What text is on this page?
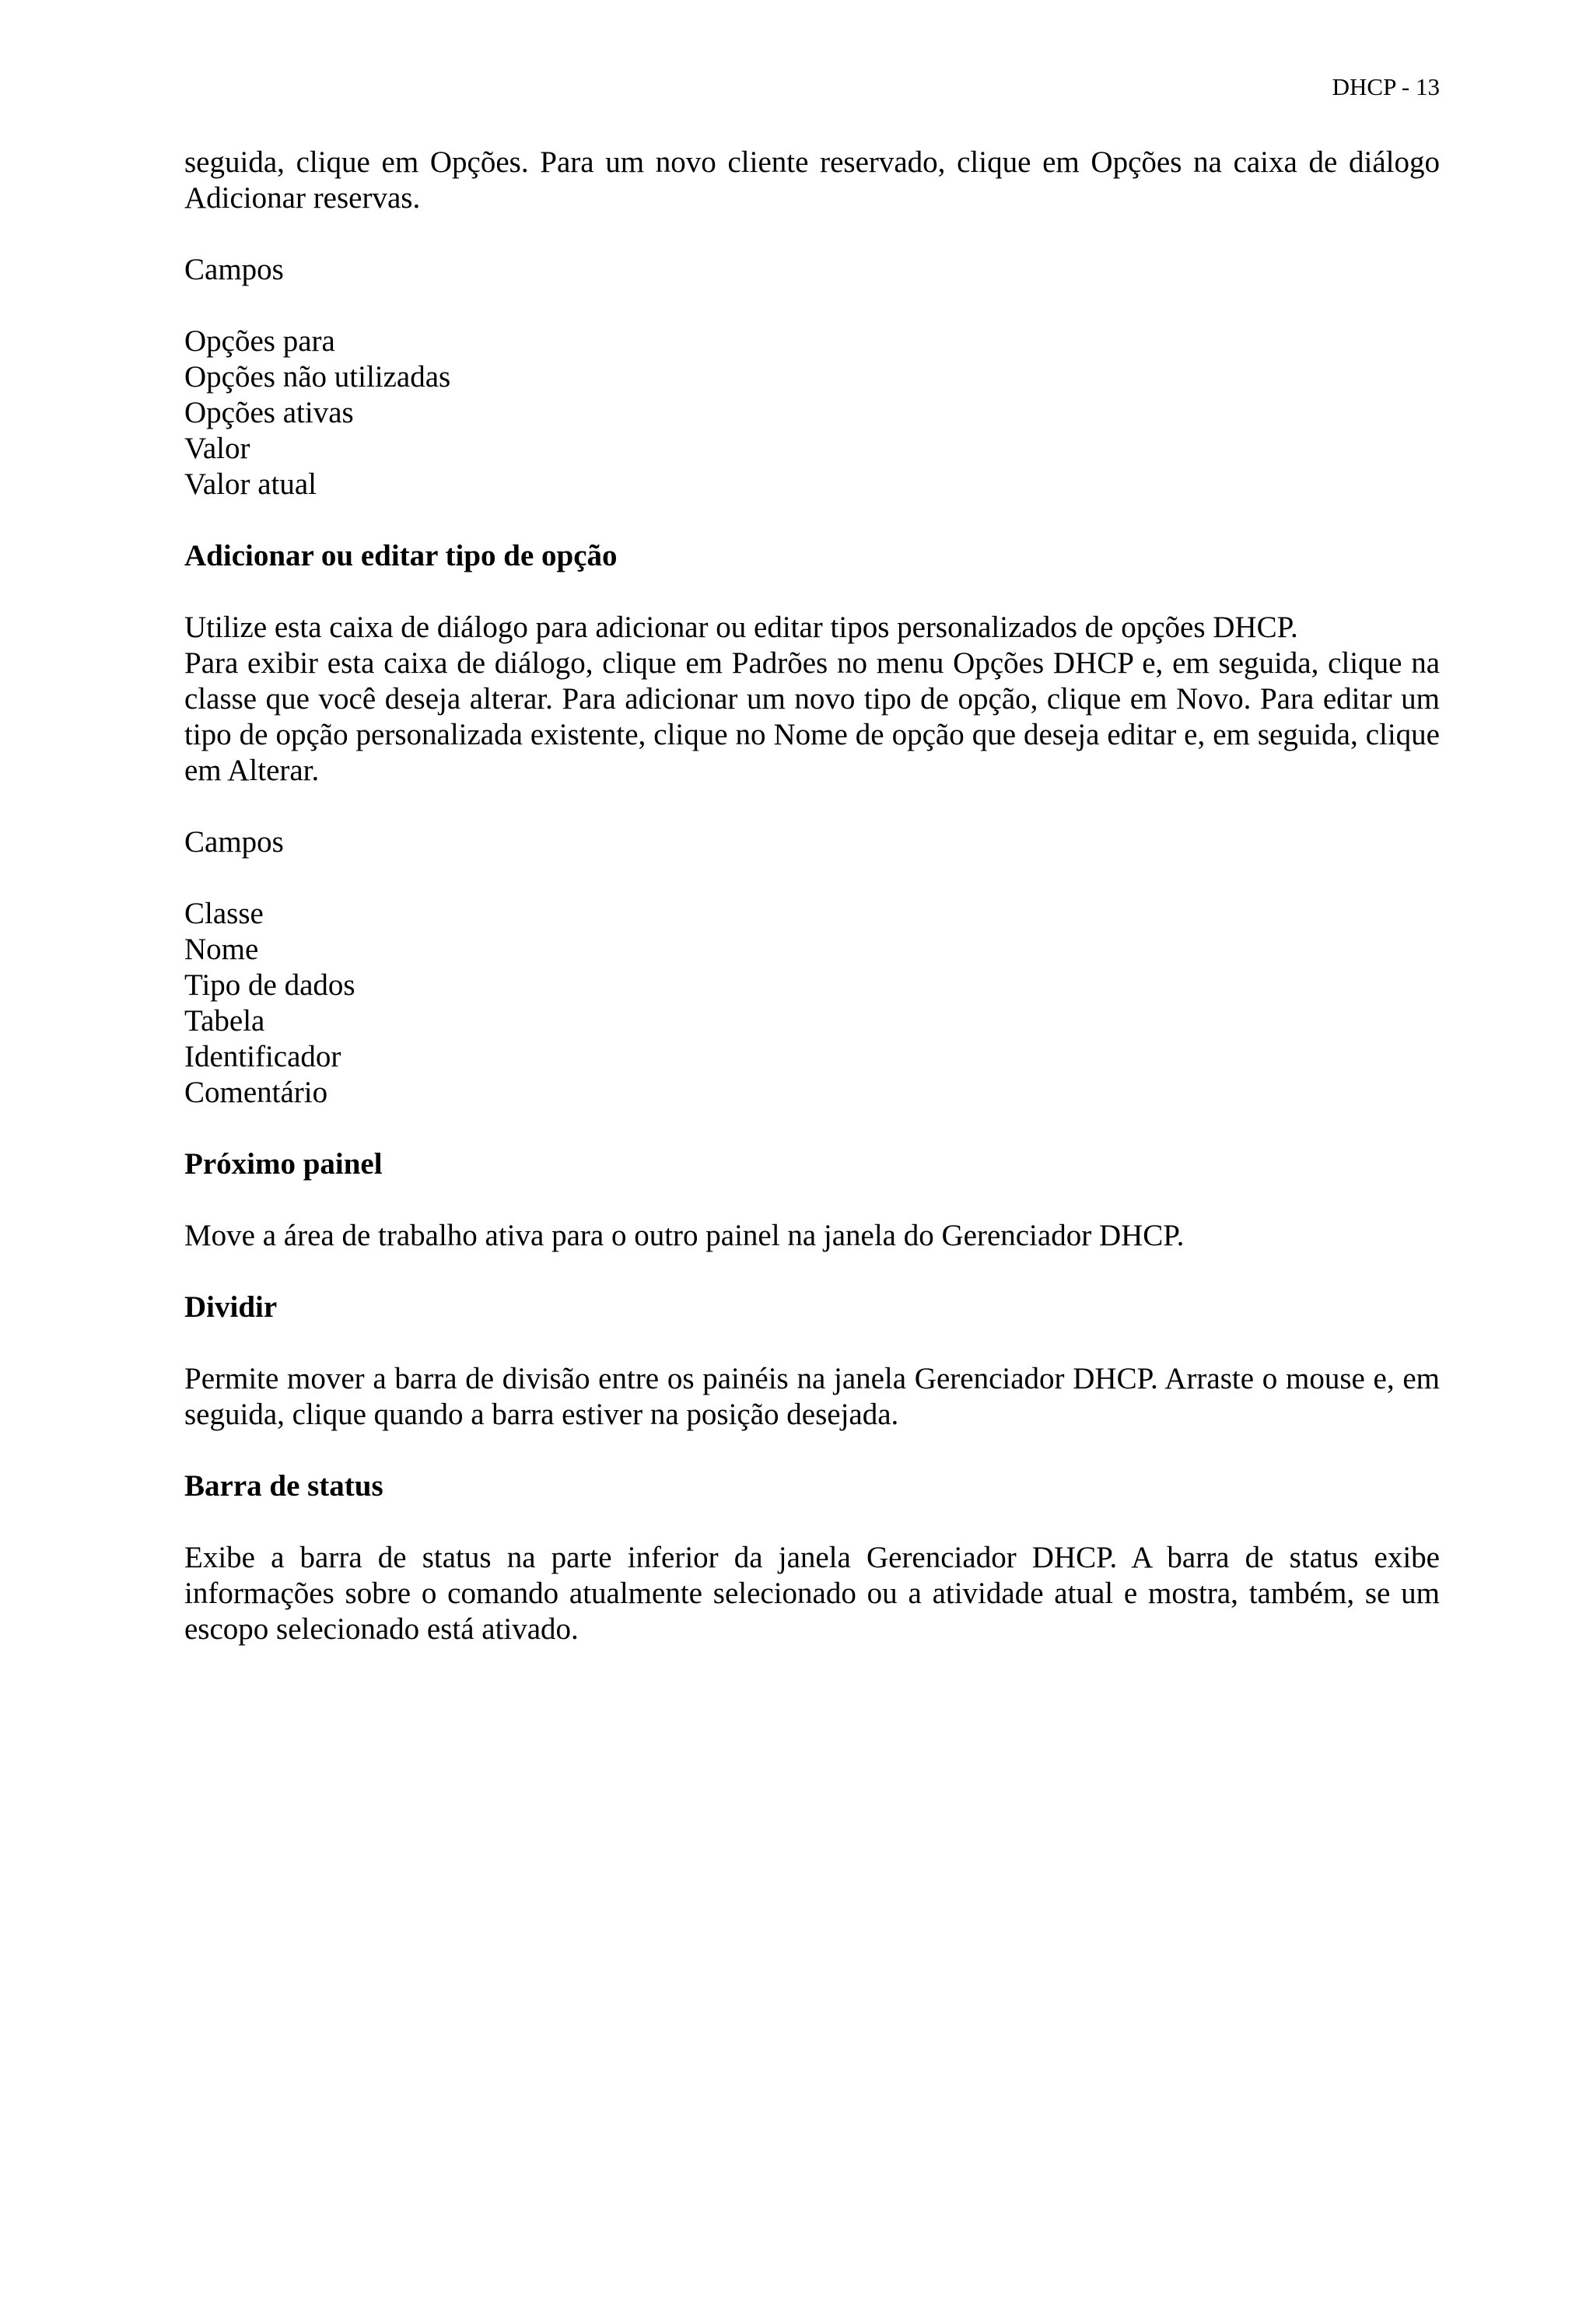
DHCP - 13

seguida, clique em Opções. Para um novo cliente reservado, clique em Opções na caixa de diálogo Adicionar reservas.

Campos

Opções para
Opções não utilizadas
Opções ativas
Valor
Valor atual

Adicionar ou editar tipo de opção

Utilize esta caixa de diálogo para adicionar ou editar tipos personalizados de opções DHCP.

Para exibir esta caixa de diálogo, clique em Padrões no menu Opções DHCP e, em seguida, clique na classe que você deseja alterar. Para adicionar um novo tipo de opção, clique em Novo. Para editar um tipo de opção personalizada existente, clique no Nome de opção que deseja editar e, em seguida, clique em Alterar.

Campos

Classe
Nome
Tipo de dados
Tabela
Identificador
Comentário

Próximo painel

Move a área de trabalho ativa para o outro painel na janela do Gerenciador DHCP.

Dividir

Permite mover a barra de divisão entre os painéis na janela Gerenciador DHCP. Arraste o mouse e, em seguida, clique quando a barra estiver na posição desejada.

Barra de status

Exibe a barra de status na parte inferior da janela Gerenciador DHCP. A barra de status exibe informações sobre o comando atualmente selecionado ou a atividade atual e mostra, também, se um escopo selecionado está ativado.
